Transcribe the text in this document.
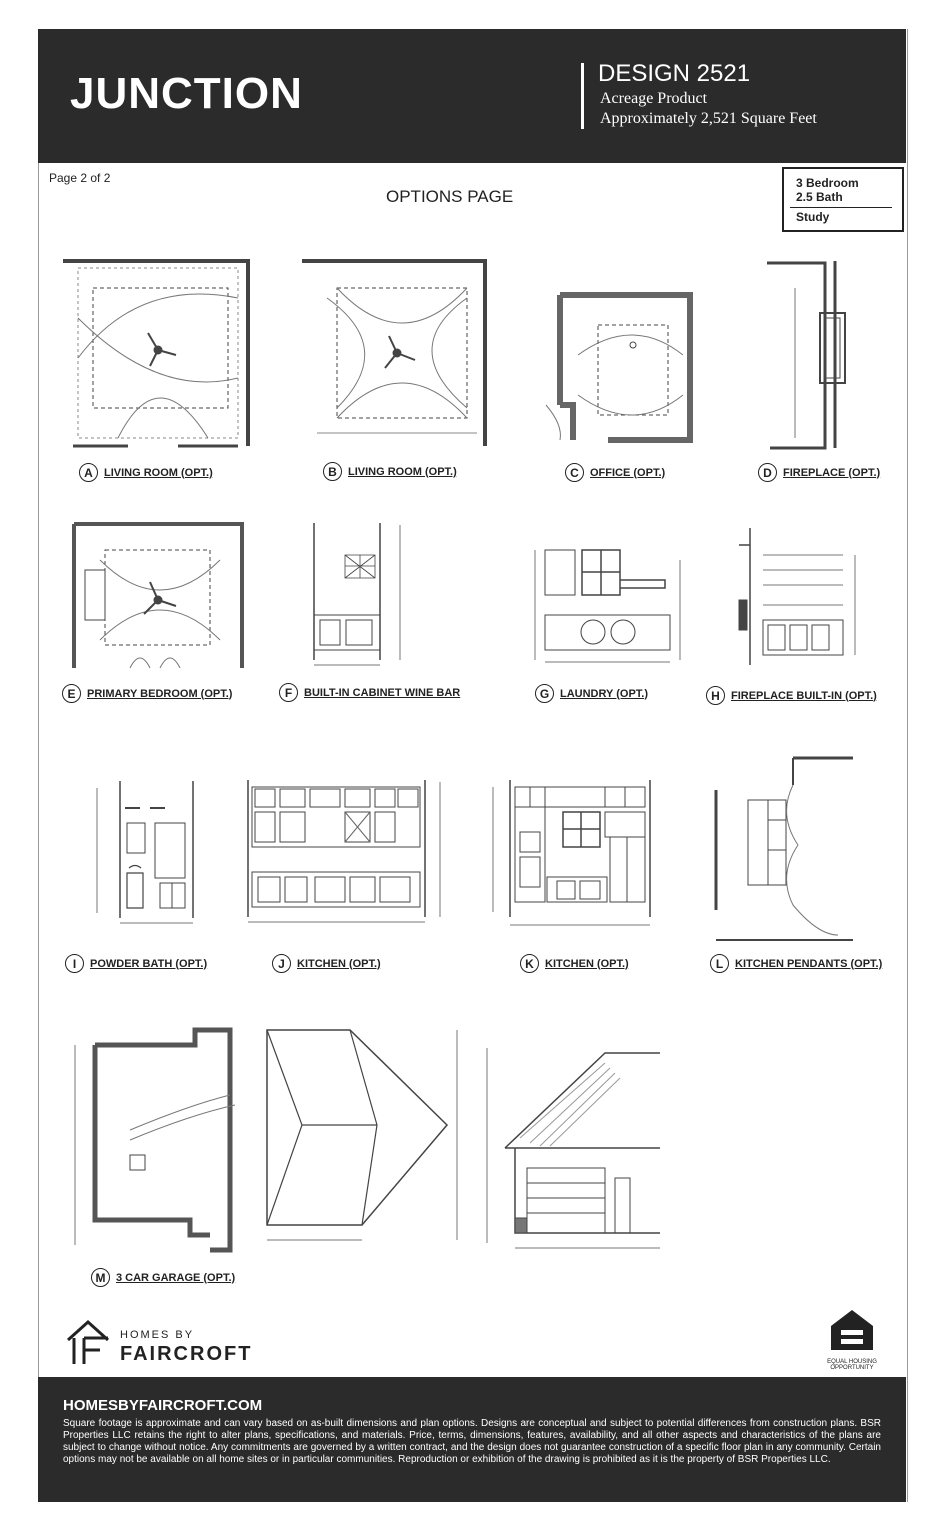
JUNCTION	DESIGN 2521
Acreage Product
Approximately 2,521 Square Feet
Page 2 of 2
OPTIONS PAGE
3 Bedroom
2.5 Bath
Study
A	LIVING ROOM (OPT.)	B	LIVING ROOM (OPT.)	C	OFFICE (OPT.)	D	FIREPLACE (OPT.)
E	PRIMARY BEDROOM (OPT.)	F	BUILT-IN CABINET WINE BAR	G LAUNDRY (OPT.)	H	FIREPLACE BUILT-IN (OPT.)
I	POWDER BATH (OPT.)	J	KITCHEN (OPT.)	K	KITCHEN (OPT.)	L	KITCHEN PENDANTS (OPT.)
M 3 CAR GARAGE (OPT.)
HOMES BY
FAIRCROFT	EQUAL HOUSING OPPORTUNITY
HOMESBYFAIRCROFT.COM
Square footage is approximate and can vary based on as-built dimensions and plan options. Designs are conceptual and subject to potential differences from construction plans. BSR Properties LLC retains the right to alter plans, specifications, and materials. Price, terms, dimensions, features, availability, and all other aspects and characteristics of the plans are subject to change without notice. Any commitments are governed by a written contract, and the design does not guarantee construction of a specific floor plan in any community. Certain options may not be available on all home sites or in particular communities. Reproduction or exhibition of the drawing is prohibited as it is the property of BSR Properties LLC.
